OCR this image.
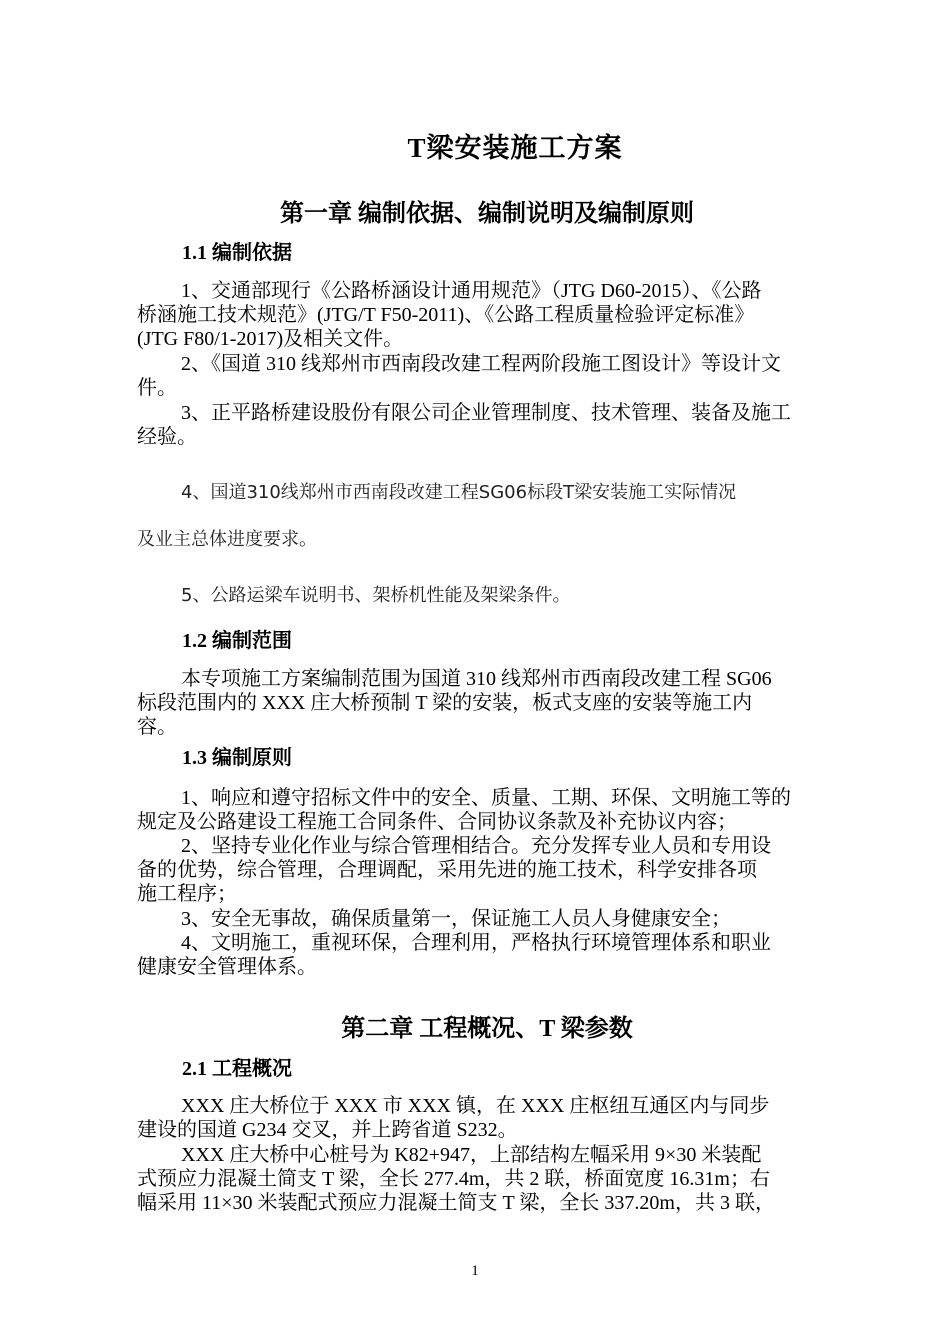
T梁安装施工方案
第一章 编制依据、编制说明及编制原则
1.1 编制依据
1、交通部现行《公路桥涵设计通用规范》（JTG D60-2015）、《公路
桥涵施工技术规范》(JTG/T F50-2011)、《公路工程质量检验评定标准》
(JTG F80/1-2017)及相关文件。
2、《国道 310 线郑州市西南段改建工程两阶段施工图设计》等设计文
件。
3、正平路桥建设股份有限公司企业管理制度、技术管理、装备及施工
经验。
4、国道310线郑州市西南段改建工程SG06标段T梁安装施工实际情况
及业主总体进度要求。
5、公路运梁车说明书、架桥机性能及架梁条件。
1.2 编制范围
本专项施工方案编制范围为国道 310 线郑州市西南段改建工程 SG06
标段范围内的 XXX 庄大桥预制 T 梁的安装，板式支座的安装等施工内
容。
1.3 编制原则
1、响应和遵守招标文件中的安全、质量、工期、环保、文明施工等的
规定及公路建设工程施工合同条件、合同协议条款及补充协议内容；
2、坚持专业化作业与综合管理相结合。充分发挥专业人员和专用设
备的优势，综合管理，合理调配，采用先进的施工技术，科学安排各项
施工程序；
3、安全无事故，确保质量第一，保证施工人员人身健康安全；
4、文明施工，重视环保，合理利用，严格执行环境管理体系和职业
健康安全管理体系。
第二章 工程概况、T 梁参数
2.1 工程概况
XXX 庄大桥位于 XXX 市 XXX 镇，在 XXX 庄枢纽互通区内与同步
建设的国道 G234 交叉，并上跨省道 S232。
XXX 庄大桥中心桩号为 K82+947，上部结构左幅采用 9×30 米装配
式预应力混凝土简支 T 梁，全长 277.4m，共 2 联，桥面宽度 16.31m；右
幅采用 11×30 米装配式预应力混凝土简支 T 梁，全长 337.20m，共 3 联，
1
